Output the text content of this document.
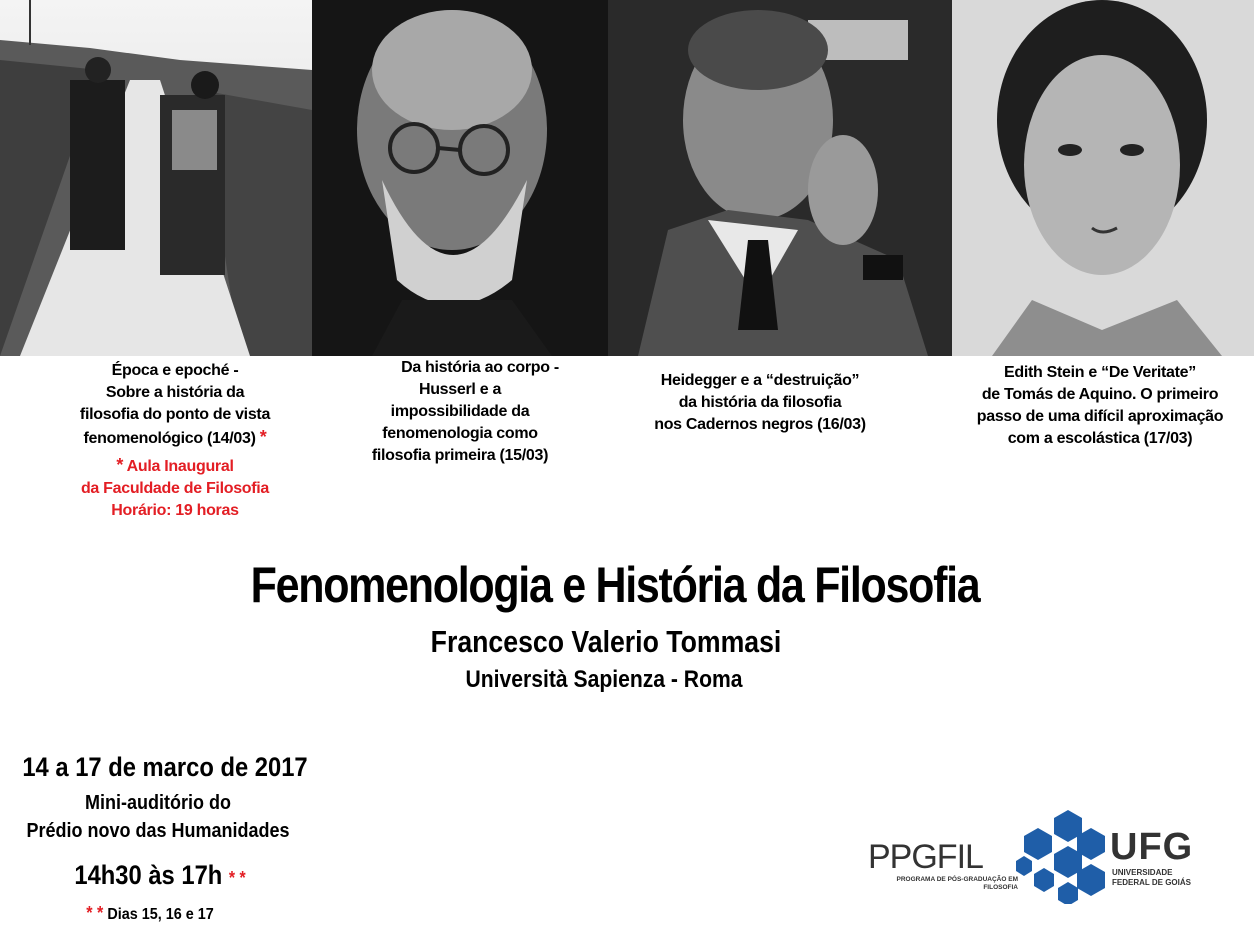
Época e epoché -
Sobre a história da
filosofia do ponto de vista
fenomenológico (14/03) *
* Aula Inaugural
da Faculdade de Filosofia
Horário: 19 horas
Da história ao corpo -
Husserl e a
impossibilidade da
fenomenologia como
filosofia primeira (15/03)
Heidegger e a “destruição”
da história da filosofia
nos Cadernos negros (16/03)
Edith Stein e “De Veritate”
de Tomás de Aquino. O primeiro
passo de uma difícil aproximação
com a escolástica (17/03)
Fenomenologia e História da Filosofia
Francesco Valerio Tommasi
Università Sapienza - Roma
14 a 17 de marco de 2017
Mini-auditório do
Prédio novo das Humanidades
14h30 às 17h * *
* * Dias 15, 16 e 17
PPGFIL
PROGRAMA DE PÓS-GRADUAÇÃO EM
FILOSOFIA
UFG
UNIVERSIDADE
FEDERAL DE GOIÁS
